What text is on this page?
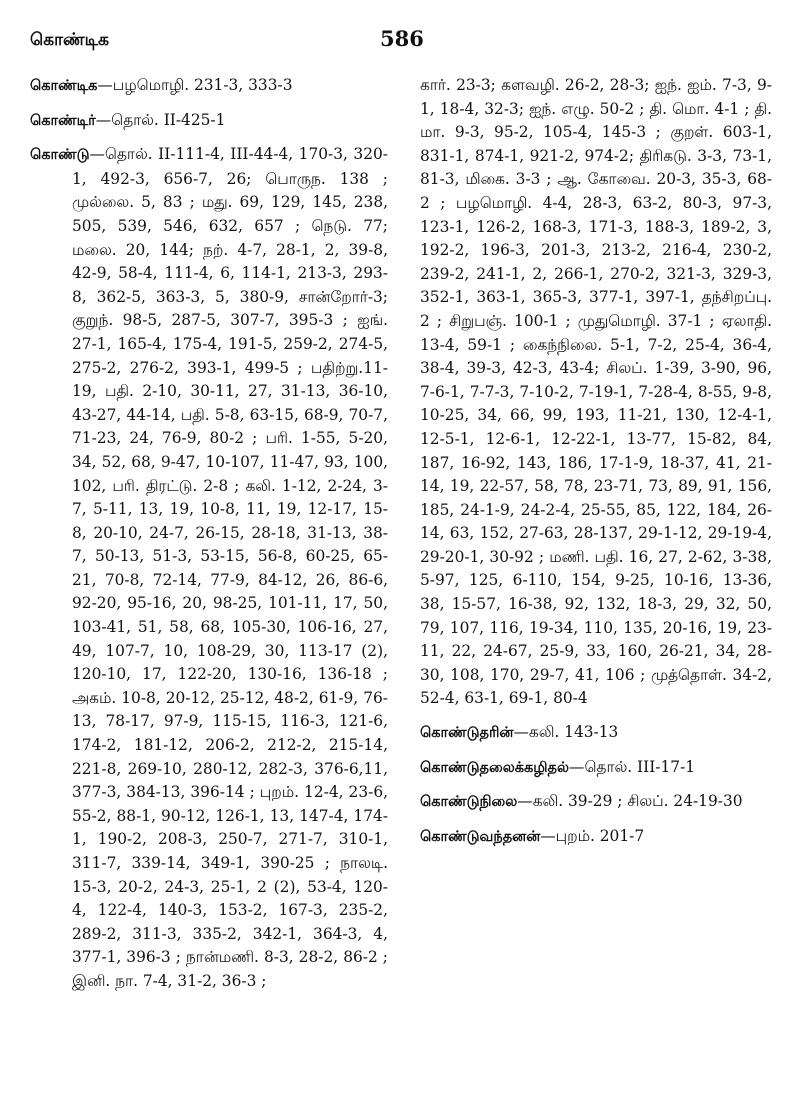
கொண்டிக	586

கொண்டிக—பழமொழி. 231-3, 333-3

கொண்டிர்—தொல். II-425-1

கொண்டு—தொல். II-111-4, III-44-4, 170-3, 320-1, 492-3, 656-7, 26; பொருந. 138 ; முல்லை. 5, 83 ; மது. 69, 129, 145, 238, 505, 539, 546, 632, 657 ; நெடு. 77; மலை. 20, 144; நற். 4-7, 28-1, 2, 39-8, 42-9, 58-4, 111-4, 6, 114-1, 213-3, 293-8, 362-5, 363-3, 5, 380-9, சான்றோர்-3; குறுந். 98-5, 287-5, 307-7, 395-3 ; ஐங். 27-1, 165-4, 175-4, 191-5, 259-2, 274-5, 275-2, 276-2, 393-1, 499-5 ; பதிற்று.11-19, பதி. 2-10, 30-11, 27, 31-13, 36-10, 43-27, 44-14, பதி. 5-8, 63-15, 68-9, 70-7, 71-23, 24, 76-9, 80-2 ; பரி. 1-55, 5-20, 34, 52, 68, 9-47, 10-107, 11-47, 93, 100, 102, பரி. திரட்டு. 2-8 ; கலி. 1-12, 2-24, 3-7, 5-11, 13, 19, 10-8, 11, 19, 12-17, 15-8, 20-10, 24-7, 26-15, 28-18, 31-13, 38-7, 50-13, 51-3, 53-15, 56-8, 60-25, 65-21, 70-8, 72-14, 77-9, 84-12, 26, 86-6, 92-20, 95-16, 20, 98-25, 101-11, 17, 50, 103-41, 51, 58, 68, 105-30, 106-16, 27, 49, 107-7, 10, 108-29, 30, 113-17 (2), 120-10, 17, 122-20, 130-16, 136-18 ; அகம். 10-8, 20-12, 25-12, 48-2, 61-9, 76-13, 78-17, 97-9, 115-15, 116-3, 121-6, 174-2, 181-12, 206-2, 212-2, 215-14, 221-8, 269-10, 280-12, 282-3, 376-6,11, 377-3, 384-13, 396-14 ; புறம். 12-4, 23-6, 55-2, 88-1, 90-12, 126-1, 13, 147-4, 174-1, 190-2, 208-3, 250-7, 271-7, 310-1, 311-7, 339-14, 349-1, 390-25 ; நாலடி. 15-3, 20-2, 24-3, 25-1, 2 (2), 53-4, 120-4, 122-4, 140-3, 153-2, 167-3, 235-2, 289-2, 311-3, 335-2, 342-1, 364-3, 4, 377-1, 396-3 ; நான்மணி. 8-3, 28-2, 86-2 ; இனி. நா. 7-4, 31-2, 36-3 ;

கார். 23-3; களவழி. 26-2, 28-3; ஐந். ஐம். 7-3, 9-1, 18-4, 32-3; ஐந். எழு. 50-2 ; தி. மொ. 4-1 ; தி. மா. 9-3, 95-2, 105-4, 145-3 ; குறள். 603-1, 831-1, 874-1, 921-2, 974-2; திரிகடு. 3-3, 73-1, 81-3, மிகை. 3-3 ; ஆ. கோவை. 20-3, 35-3, 68-2 ; பழமொழி. 4-4, 28-3, 63-2, 80-3, 97-3, 123-1, 126-2, 168-3, 171-3, 188-3, 189-2, 3, 192-2, 196-3, 201-3, 213-2, 216-4, 230-2, 239-2, 241-1, 2, 266-1, 270-2, 321-3, 329-3, 352-1, 363-1, 365-3, 377-1, 397-1, தந்சிறப்பு. 2 ; சிறுபஞ். 100-1 ; முதுமொழி. 37-1 ; ஏலாதி. 13-4, 59-1 ; கைந்நிலை. 5-1, 7-2, 25-4, 36-4, 38-4, 39-3, 42-3, 43-4; சிலப். 1-39, 3-90, 96, 7-6-1, 7-7-3, 7-10-2, 7-19-1, 7-28-4, 8-55, 9-8, 10-25, 34, 66, 99, 193, 11-21, 130, 12-4-1, 12-5-1, 12-6-1, 12-22-1, 13-77, 15-82, 84, 187, 16-92, 143, 186, 17-1-9, 18-37, 41, 21-14, 19, 22-57, 58, 78, 23-71, 73, 89, 91, 156, 185, 24-1-9, 24-2-4, 25-55, 85, 122, 184, 26-14, 63, 152, 27-63, 28-137, 29-1-12, 29-19-4, 29-20-1, 30-92 ; மணி. பதி. 16, 27, 2-62, 3-38, 5-97, 125, 6-110, 154, 9-25, 10-16, 13-36, 38, 15-57, 16-38, 92, 132, 18-3, 29, 32, 50, 79, 107, 116, 19-34, 110, 135, 20-16, 19, 23-11, 22, 24-67, 25-9, 33, 160, 26-21, 34, 28-30, 108, 170, 29-7, 41, 106 ; முத்தொள். 34-2, 52-4, 63-1, 69-1, 80-4

கொண்டுதரின்—கலி. 143-13

கொண்டுதலைக்கழிதல்—தொல். III-17-1

கொண்டுநிலை—கலி. 39-29 ; சிலப். 24-19-30

கொண்டுவந்தனன்—புறம். 201-7
